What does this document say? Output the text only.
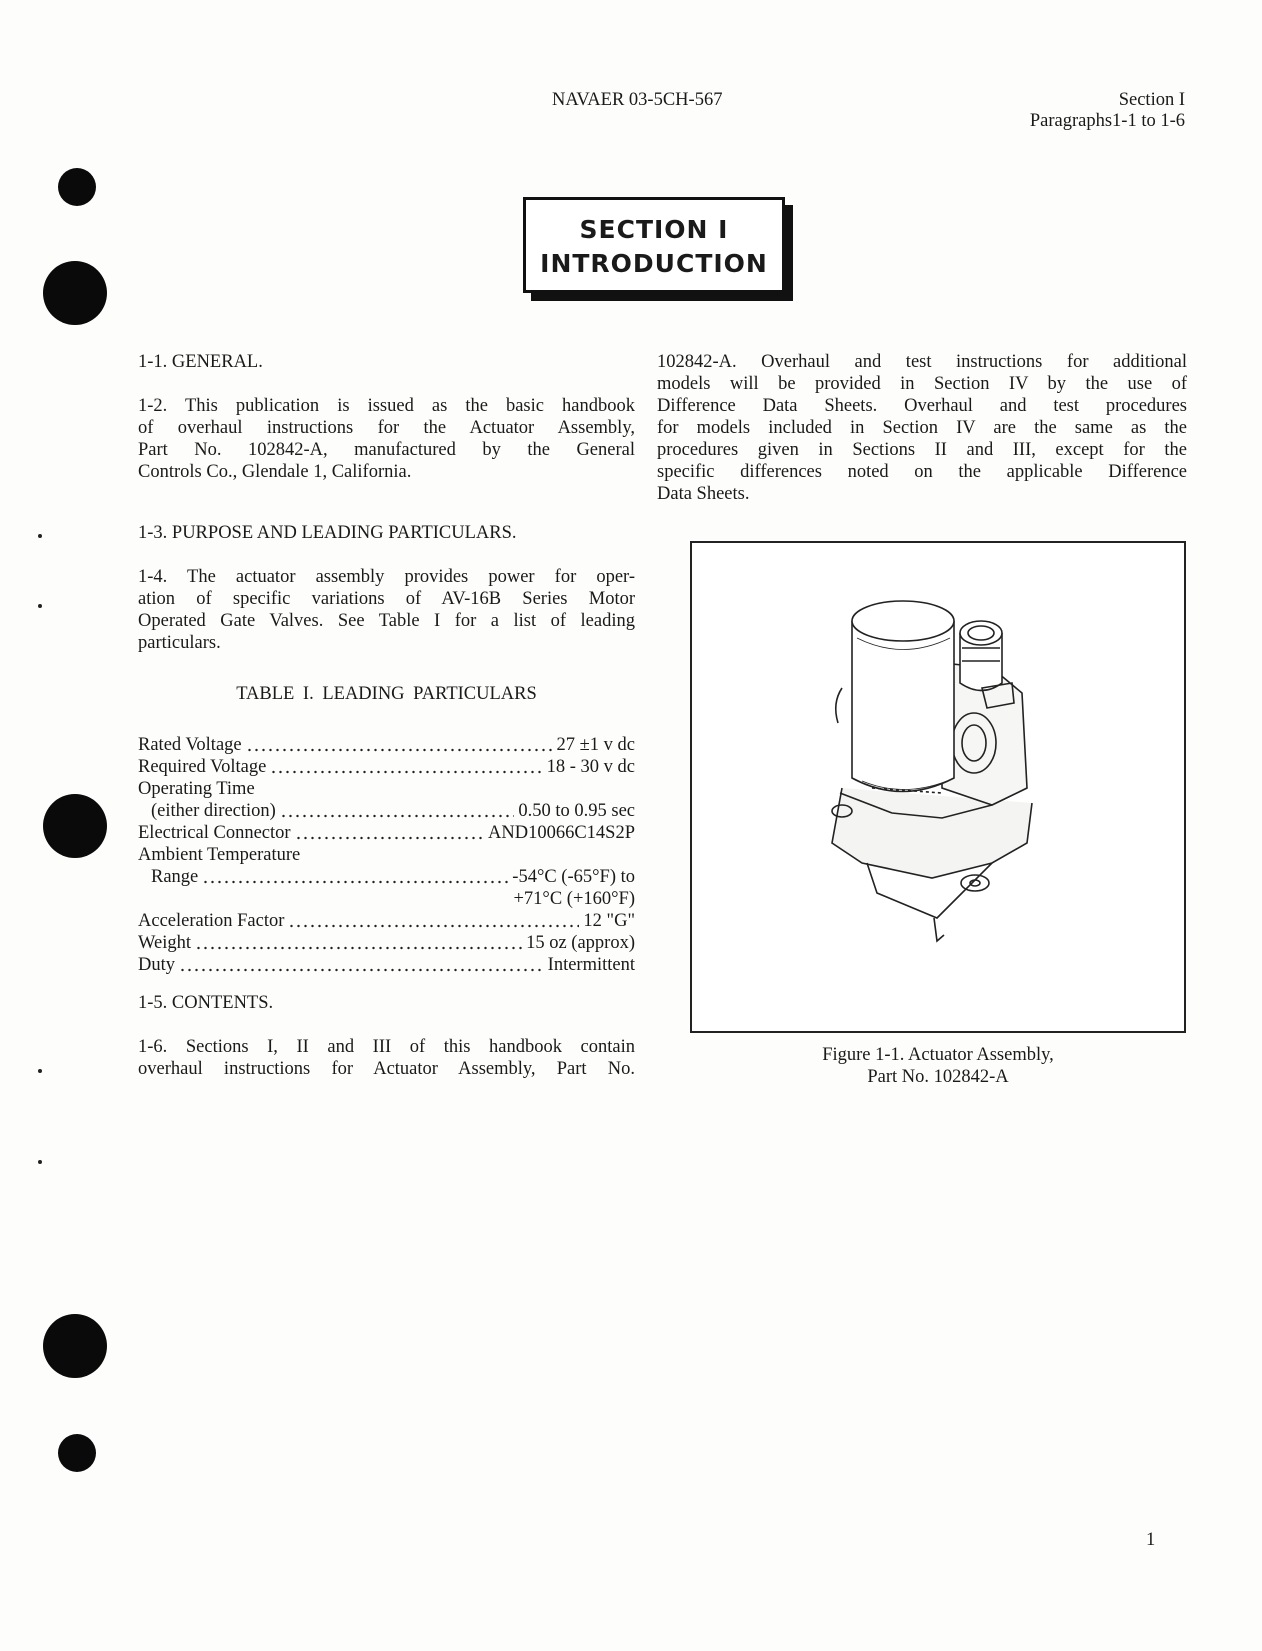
NAVAER 03-5CH-567	Section I
Paragraphs1-1 to 1-6
SECTION I
INTRODUCTION
1-1. GENERAL.
1-2. This publication is issued as the basic handbook
of overhaul instructions for the Actuator Assembly,
Part No. 102842-A, manufactured by the General
Controls Co., Glendale 1, California.
1-3. PURPOSE AND LEADING PARTICULARS.
1-4. The actuator assembly provides power for oper-
ation of specific variations of AV-16B Series Motor
Operated Gate Valves. See Table I for a list of leading
particulars.
TABLE I. LEADING PARTICULARS
Rated Voltage	27 ±1 v dc
Required Voltage	18 - 30 v dc
Operating Time
(either direction)	0.50 to 0.95 sec
Electrical Connector	AND10066C14S2P
Ambient Temperature
Range	-54°C (-65°F) to
+71°C (+160°F)
Acceleration Factor	12 "G"
Weight	15 oz (approx)
Duty	Intermittent
1-5. CONTENTS.
1-6. Sections I, II and III of this handbook contain
overhaul instructions for Actuator Assembly, Part No.
102842-A. Overhaul and test instructions for additional
models will be provided in Section IV by the use of
Difference Data Sheets. Overhaul and test procedures
for models included in Section IV are the same as the
procedures given in Sections II and III, except for the
specific differences noted on the applicable Difference
Data Sheets.
Figure 1-1. Actuator Assembly,
Part No. 102842-A
1
